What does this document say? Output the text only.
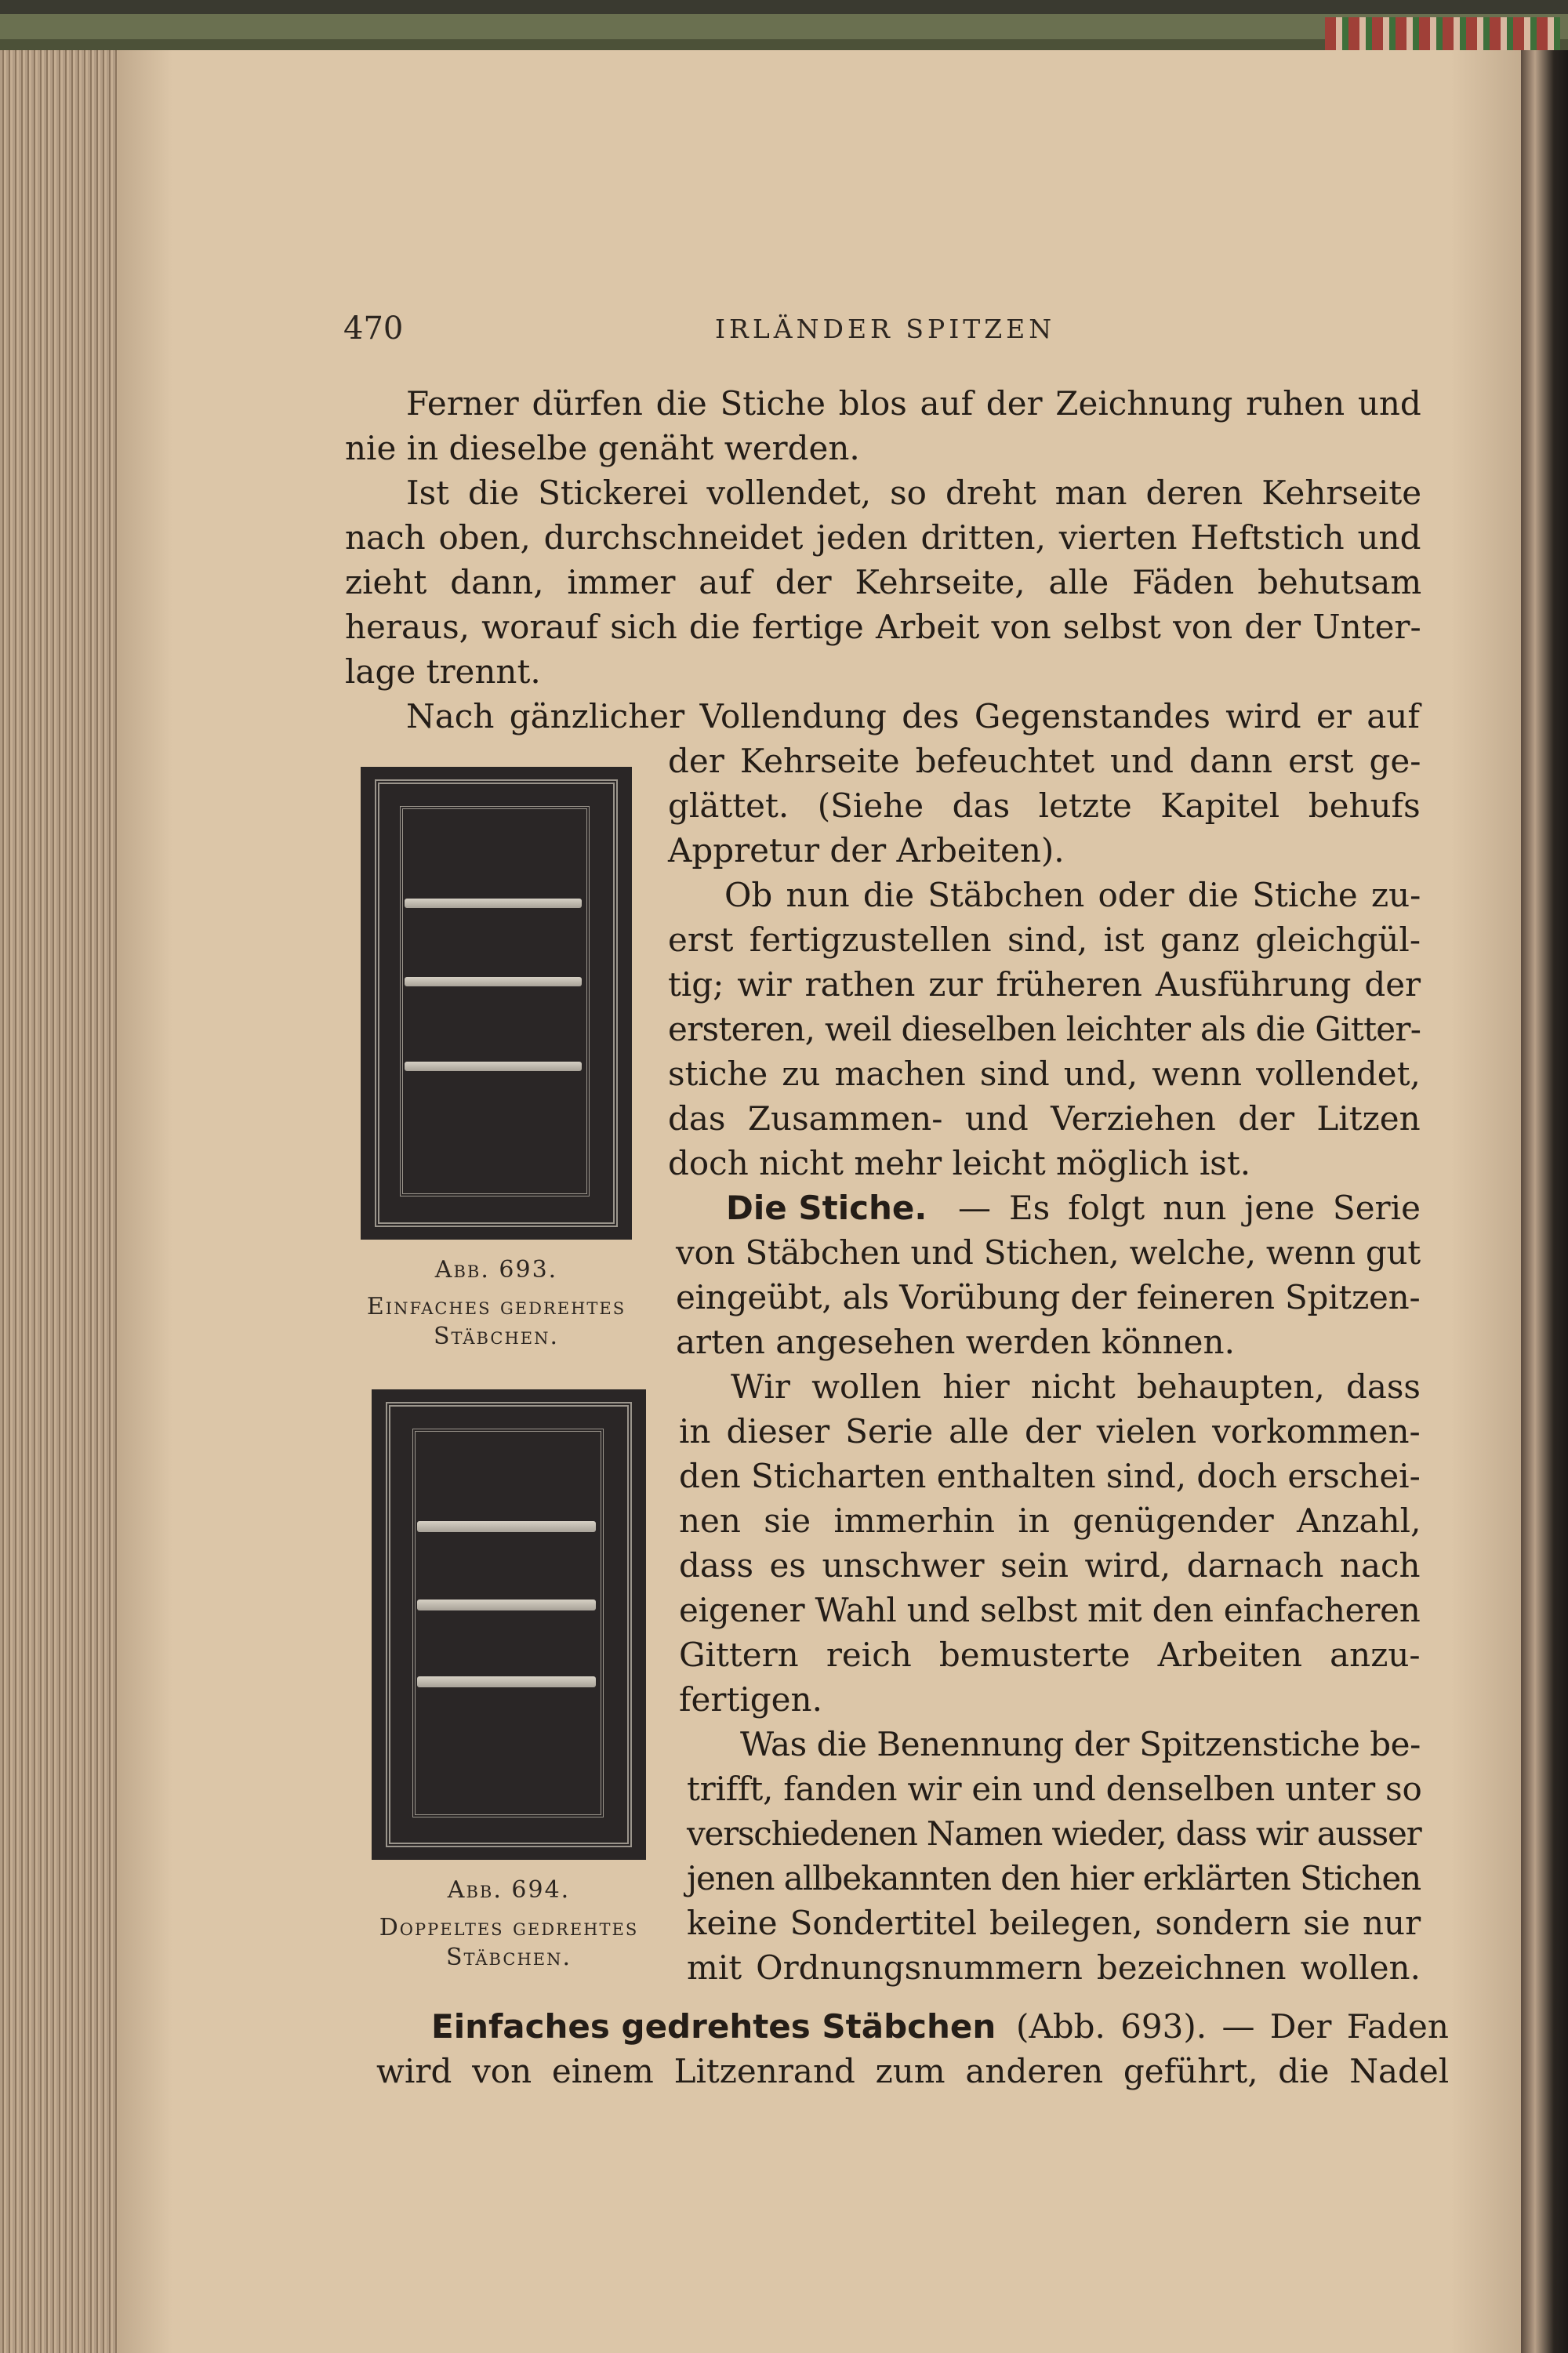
470	IRLÄNDER SPITZEN
Ferner dürfen die Stiche blos auf der Zeichnung ruhen und
nie in dieselbe genäht werden.
Ist die Stickerei vollendet, so dreht man deren Kehrseite
nach oben, durchschneidet jeden dritten, vierten Heftstich und
zieht dann, immer auf der Kehrseite, alle Fäden behutsam
heraus, worauf sich die fertige Arbeit von selbst von der Unter-
lage trennt.
Nach gänzlicher Vollendung des Gegenstandes wird er auf
der Kehrseite befeuchtet und dann erst ge-
glättet. (Siehe das letzte Kapitel behufs
Appretur der Arbeiten).
Ob nun die Stäbchen oder die Stiche zu-
erst fertigzustellen sind, ist ganz gleichgül-
tig; wir rathen zur früheren Ausführung der
ersteren, weil dieselben leichter als die Gitter-
stiche zu machen sind und, wenn vollendet,
das Zusammen- und Verziehen der Litzen
doch nicht mehr leicht möglich ist.
Die Stiche. — Es folgt nun jene Serie
von Stäbchen und Stichen, welche, wenn gut
eingeübt, als Vorübung der feineren Spitzen-
arten angesehen werden können.
Wir wollen hier nicht behaupten, dass
in dieser Serie alle der vielen vorkommen-
den Sticharten enthalten sind, doch erschei-
nen sie immerhin in genügender Anzahl,
dass es unschwer sein wird, darnach nach
eigener Wahl und selbst mit den einfacheren
Gittern reich bemusterte Arbeiten anzu-
fertigen.
Was die Benennung der Spitzenstiche be-
trifft, fanden wir ein und denselben unter so
verschiedenen Namen wieder, dass wir ausser
jenen allbekannten den hier erklärten Stichen
keine Sondertitel beilegen, sondern sie nur
mit Ordnungsnummern bezeichnen wollen.
Einfaches gedrehtes Stäbchen (Abb. 693). — Der Faden
wird von einem Litzenrand zum anderen geführt, die Nadel
Abb. 693.
Einfaches gedrehtes
Stäbchen.
Abb. 694.
Doppeltes gedrehtes
Stäbchen.
